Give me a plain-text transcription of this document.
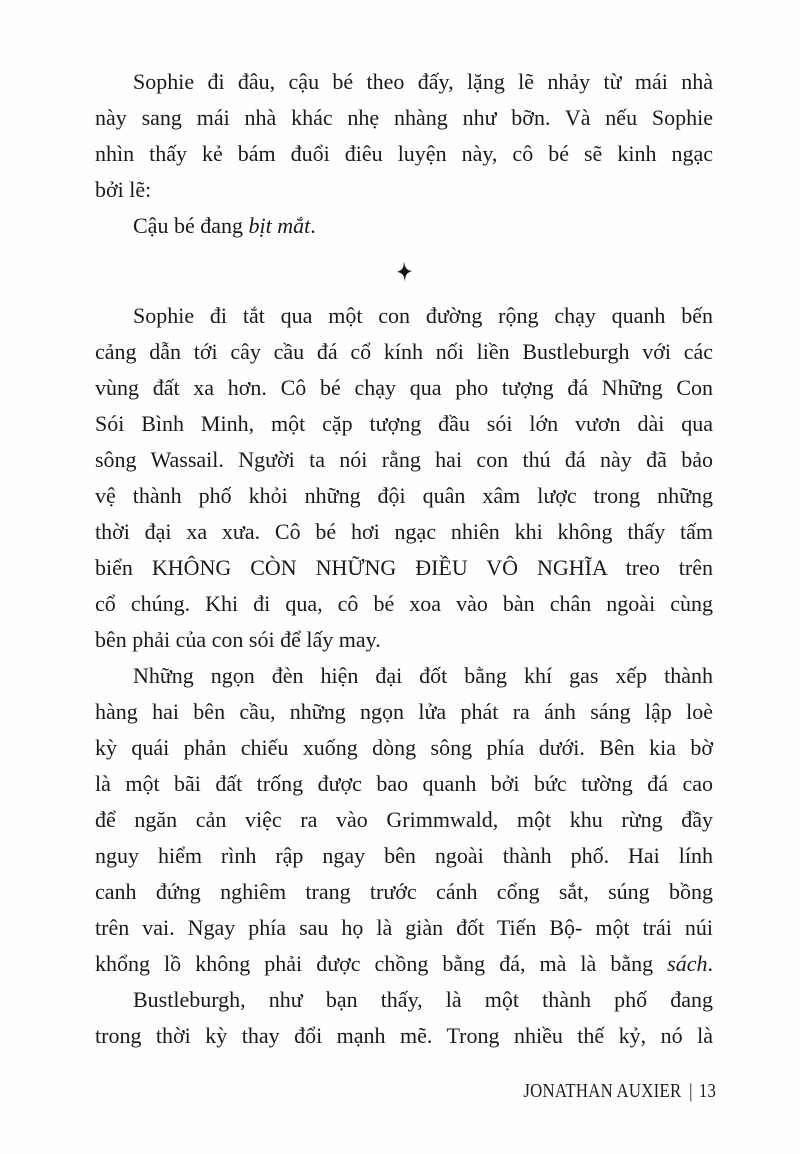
Sophie đi đâu, cậu bé theo đấy, lặng lẽ nhảy từ mái nhà
này sang mái nhà khác nhẹ nhàng như bỡn. Và nếu Sophie
nhìn thấy kẻ bám đuổi điêu luyện này, cô bé sẽ kinh ngạc
bởi lẽ:
Cậu bé đang bịt mắt.
Sophie đi tắt qua một con đường rộng chạy quanh bến
cảng dẫn tới cây cầu đá cổ kính nối liền Bustleburgh với các
vùng đất xa hơn. Cô bé chạy qua pho tượng đá Những Con
Sói Bình Minh, một cặp tượng đầu sói lớn vươn dài qua
sông Wassail. Người ta nói rằng hai con thú đá này đã bảo
vệ thành phố khỏi những đội quân xâm lược trong những
thời đại xa xưa. Cô bé hơi ngạc nhiên khi không thấy tấm
biển KHÔNG CÒN NHỮNG ĐIỀU VÔ NGHĨA treo trên
cổ chúng. Khi đi qua, cô bé xoa vào bàn chân ngoài cùng
bên phải của con sói để lấy may.
Những ngọn đèn hiện đại đốt bằng khí gas xếp thành
hàng hai bên cầu, những ngọn lửa phát ra ánh sáng lập loè
kỳ quái phản chiếu xuống dòng sông phía dưới. Bên kia bờ
là một bãi đất trống được bao quanh bởi bức tường đá cao
để ngăn cản việc ra vào Grimmwald, một khu rừng đầy
nguy hiểm rình rập ngay bên ngoài thành phố. Hai lính
canh đứng nghiêm trang trước cánh cổng sắt, súng bồng
trên vai. Ngay phía sau họ là giàn đốt Tiến Bộ- một trái núi
khổng lồ không phải được chồng bằng đá, mà là bằng sách.
Bustleburgh, như bạn thấy, là một thành phố đang
trong thời kỳ thay đổi mạnh mẽ. Trong nhiều thế kỷ, nó là
JONATHAN AUXIER | 13
